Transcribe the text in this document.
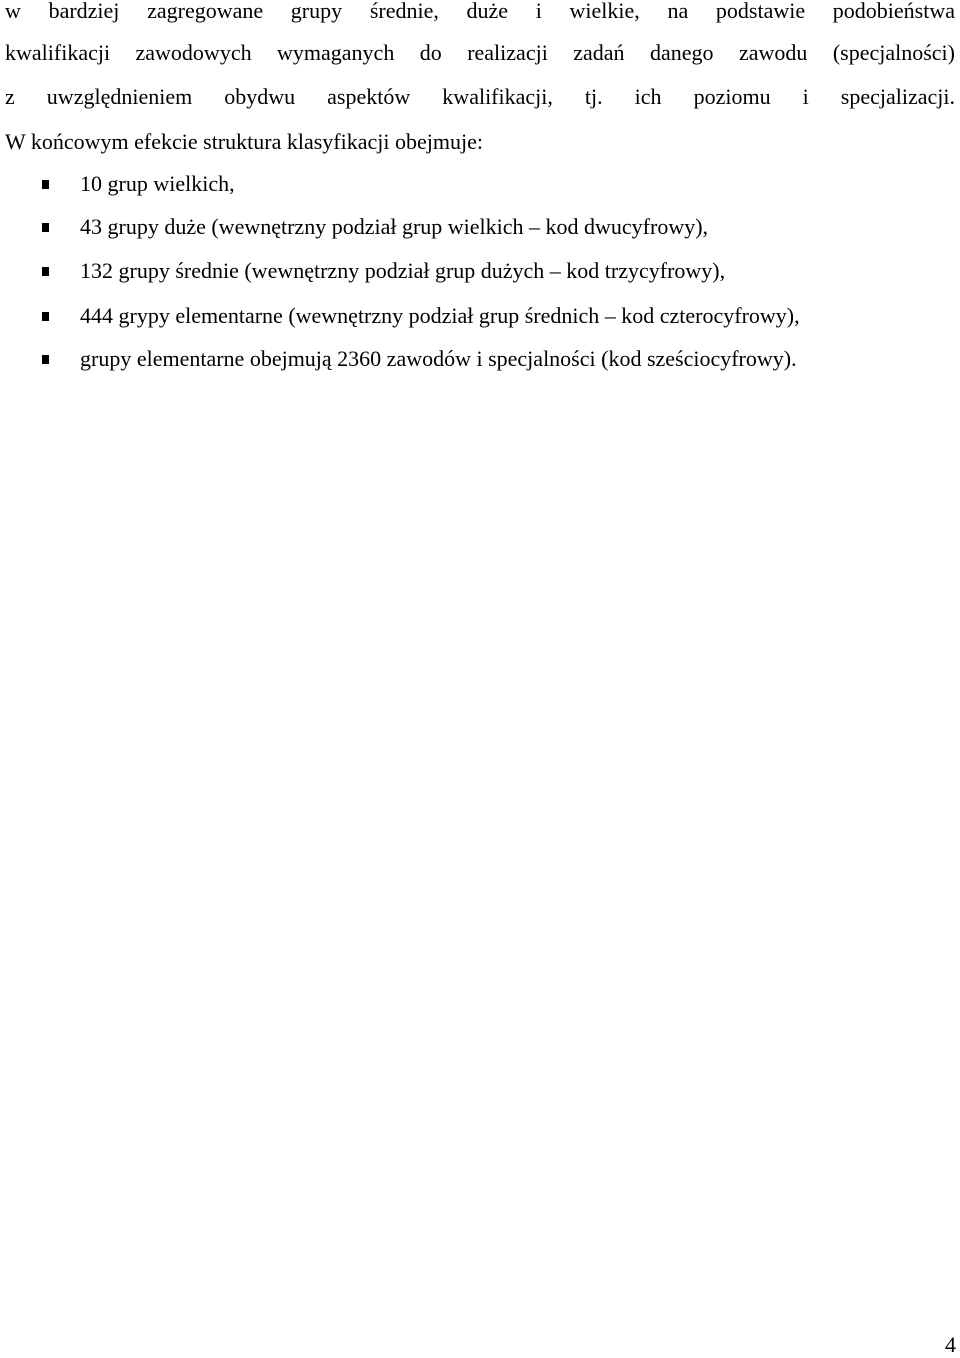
w bardziej zagregowane grupy średnie, duże i wielkie, na podstawie podobieństwa
kwalifikacji zawodowych wymaganych do realizacji zadań danego zawodu (specjalności)
z uwzględnieniem obydwu aspektów kwalifikacji, tj. ich poziomu i specjalizacji.
W końcowym efekcie struktura klasyfikacji obejmuje:
10 grup wielkich,
43 grupy duże (wewnętrzny podział grup wielkich – kod dwucyfrowy),
132 grupy średnie (wewnętrzny podział grup dużych – kod trzycyfrowy),
444 grypy elementarne (wewnętrzny podział grup średnich – kod czterocyfrowy),
grupy elementarne obejmują 2360 zawodów i specjalności (kod sześciocyfrowy).
4
